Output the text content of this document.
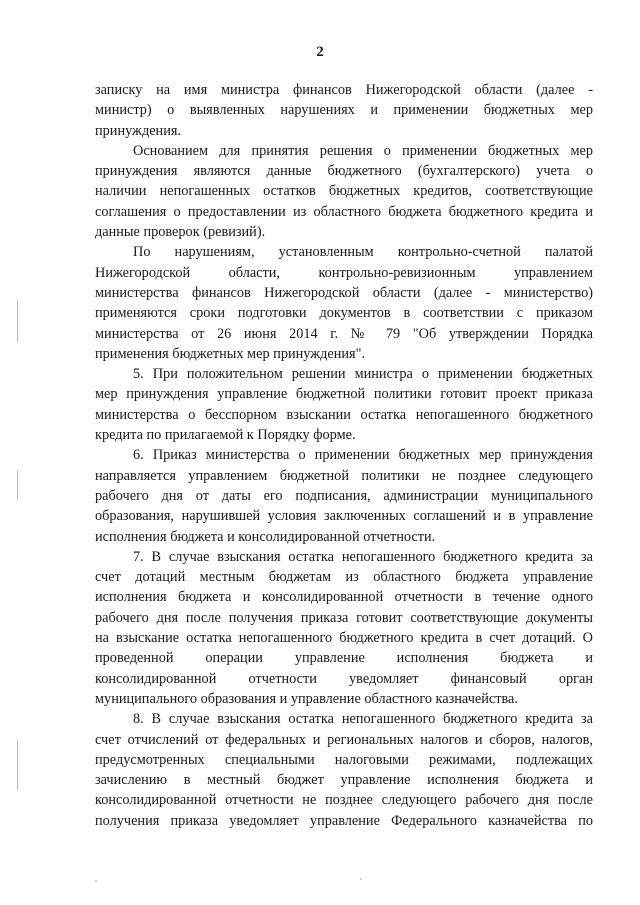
2

записку на имя министра финансов Нижегородской области (далее -

министр) о выявленных нарушениях и применении бюджетных мер

принуждения.

Основанием для принятия решения о применении бюджетных мер

принуждения являются данные бюджетного (бухгалтерского) учета о

наличии непогашенных остатков бюджетных кредитов, соответствующие

соглашения о предоставлении из областного бюджета бюджетного кредита и

данные проверок (ревизий).

По нарушениям, установленным контрольно-счетной палатой

Нижегородской области, контрольно-ревизионным управлением

министерства финансов Нижегородской области (далее - министерство)

применяются сроки подготовки документов в соответствии с приказом

министерства от 26 июня 2014 г. № 79 "Об утверждении Порядка

применения бюджетных мер принуждения".

5. При положительном решении министра о применении бюджетных

мер принуждения управление бюджетной политики готовит проект приказа

министерства о бесспорном взыскании остатка непогашенного бюджетного

кредита по прилагаемой к Порядку форме.

6. Приказ министерства о применении бюджетных мер принуждения

направляется управлением бюджетной политики не позднее следующего

рабочего дня от даты его подписания, администрации муниципального

образования, нарушившей условия заключенных соглашений и в управление

исполнения бюджета и консолидированной отчетности.

7. В случае взыскания остатка непогашенного бюджетного кредита за

счет дотаций местным бюджетам из областного бюджета управление

исполнения бюджета и консолидированной отчетности в течение одного

рабочего дня после получения приказа готовит соответствующие документы

на взыскание остатка непогашенного бюджетного кредита в счет дотаций. О

проведенной операции управление исполнения бюджета и

консолидированной отчетности уведомляет финансовый орган

муниципального образования и управление областного казначейства.

8. В случае взыскания остатка непогашенного бюджетного кредита за

счет отчислений от федеральных и региональных налогов и сборов, налогов,

предусмотренных специальными налоговыми режимами, подлежащих

зачислению в местный бюджет управление исполнения бюджета и

консолидированной отчетности не позднее следующего рабочего дня после

получения приказа уведомляет управление Федерального казначейства по
